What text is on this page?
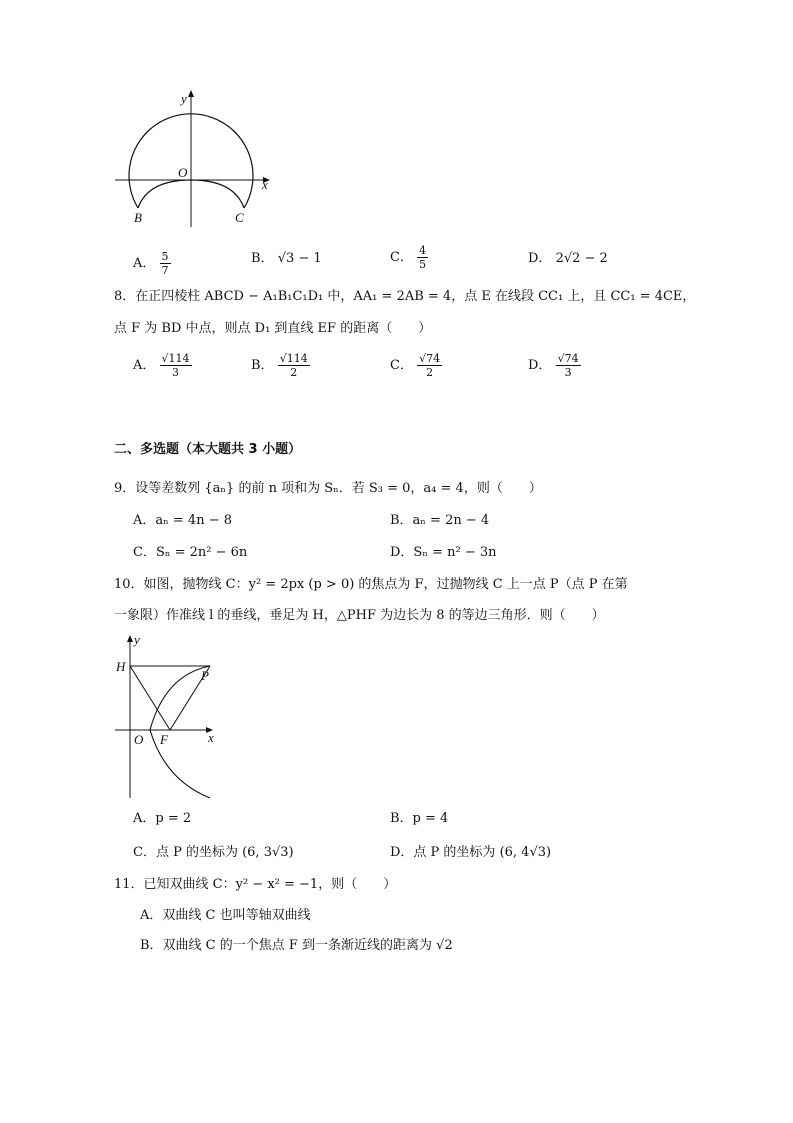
y
x
O
B	C
A． $\frac{5}{7}$	B． √3 − 1	C． $\frac{4}{5}$	D． 2√2 − 2
8．在正四棱柱 ABCD − A₁B₁C₁D₁ 中，AA₁ = 2AB = 4，点 E 在线段 CC₁ 上，且 CC₁ = 4CE，
点 F 为 BD 中点，则点 D₁ 到直线 EF 的距离（　　）
A． $\frac{√114}{3}$	B． $\frac{√114}{2}$	C． $\frac{√74}{2}$	D． $\frac{√74}{3}$
二、多选题（本大题共 3 小题）
9．设等差数列 {aₙ} 的前 n 项和为 Sₙ．若 S₃ = 0，a₄ = 4，则（　　）
A．aₙ = 4n − 8	B．aₙ = 2n − 4
C．Sₙ = 2n² − 6n	D．Sₙ = n² − 3n
10．如图，抛物线 C：y² = 2px (p > 0) 的焦点为 F，过抛物线 C 上一点 P（点 P 在第
一象限）作准线 l 的垂线，垂足为 H，△PHF 为边长为 8 的等边三角形．则（　　）
y
x
O F
H
P
A．p = 2	B．p = 4
C．点 P 的坐标为 (6, 3√3)	D．点 P 的坐标为 (6, 4√3)
11．已知双曲线 C：y² − x² = −1，则（　　）
A．双曲线 C 也叫等轴双曲线
B．双曲线 C 的一个焦点 F 到一条渐近线的距离为 √2
